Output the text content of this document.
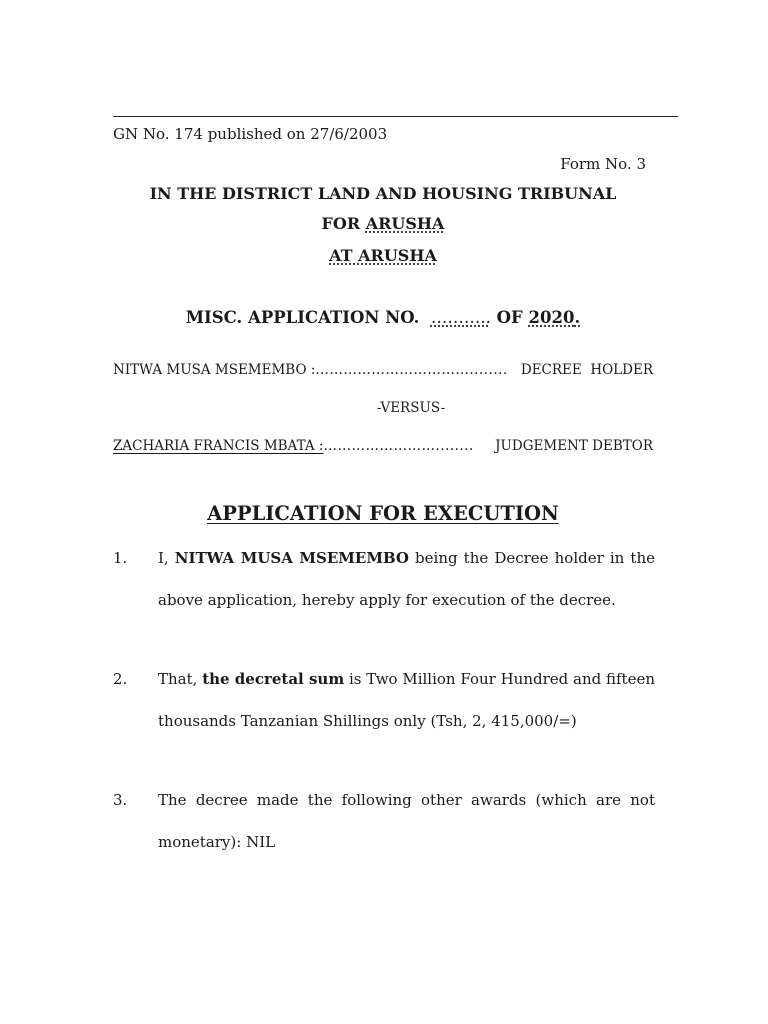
GN No. 174 published on 27/6/2003
Form No. 3
IN THE DISTRICT LAND AND HOUSING TRIBUNAL
FOR ARUSHA
AT ARUSHA
MISC. APPLICATION NO. ……….. OF 2020.
NITWA MUSA MSEMEMBO : ……………………………........ DECREE  HOLDER
-VERSUS-
ZACHARIA FRANCIS MBATA : ……………………........	JUDGEMENT DEBTOR
APPLICATION FOR EXECUTION
1. I, NITWA MUSA MSEMEMBO being the Decree holder in the above application, hereby apply for execution of the decree.
2. That, the decretal sum is Two Million Four Hundred and fifteen thousands Tanzanian Shillings only (Tsh, 2, 415,000/=)
3. The decree made the following other awards (which are not monetary): NIL
